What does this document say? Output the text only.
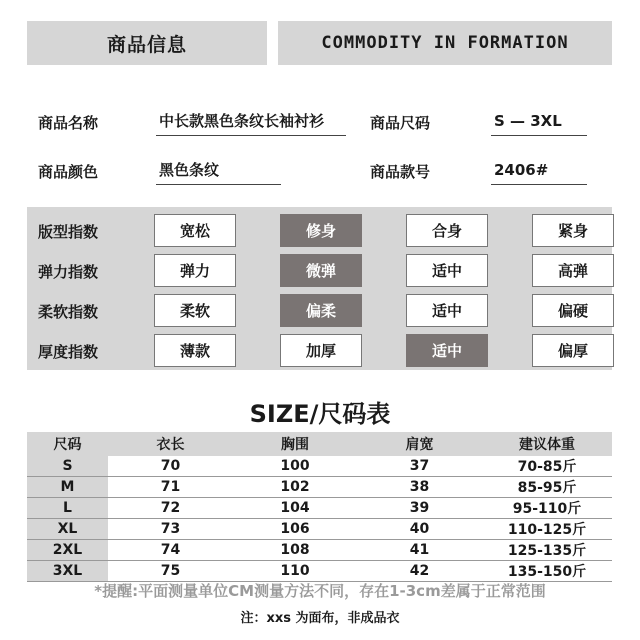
商品信息	COMMODITY IN FORMATION
商品名称	中长款黑色条纹长袖衬衫	商品尺码	S — 3XL
商品颜色	黑色条纹	商品款号	2406#
版型指数	宽松	修身	合身	紧身
弹力指数	弹力	微弹	适中	高弹
柔软指数	柔软	偏柔	适中	偏硬
厚度指数	薄款	加厚	适中	偏厚
SIZE/尺码表
尺码	衣长	胸围	肩宽	建议体重
S	70	100	37	70-85斤
M	71	102	38	85-95斤
L	72	104	39	95-110斤
XL	73	106	40	110-125斤
2XL	74	108	41	125-135斤
3XL	75	110	42	135-150斤
*提醒:平面测量单位CM测量方法不同，存在1-3cm差属于正常范围
注：xxs 为面布，非成品衣
